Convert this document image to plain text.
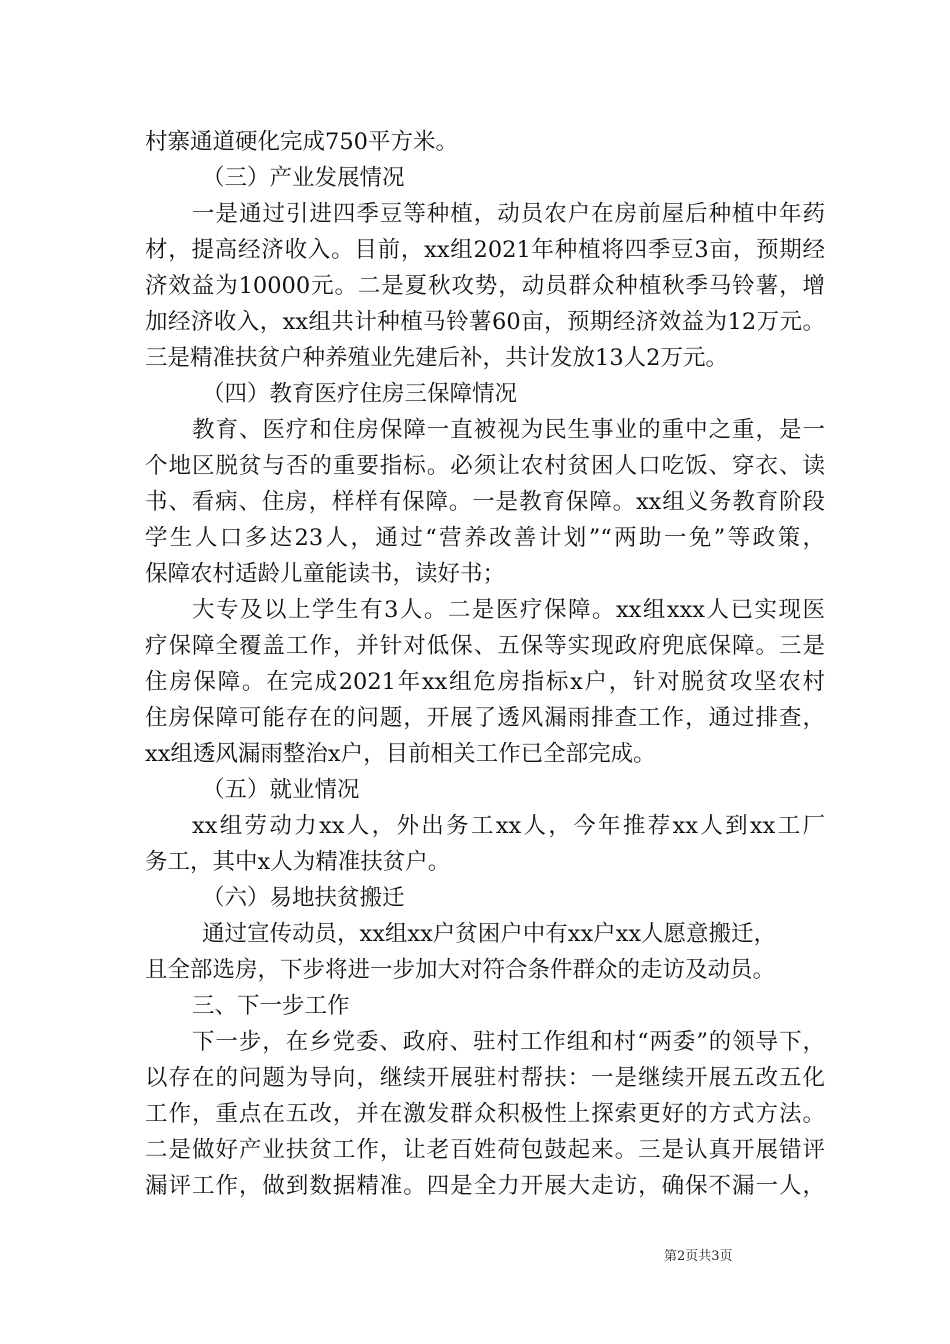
村寨通道硬化完成750平方米。

（三）产业发展情况

一是通过引进四季豆等种植，动员农户在房前屋后种植中年药

材，提高经济收入。目前，xx组2021年种植将四季豆3亩，预期经

济效益为10000元。二是夏秋攻势，动员群众种植秋季马铃薯，增

加经济收入，xx组共计种植马铃薯60亩，预期经济效益为12万元。

三是精准扶贫户种养殖业先建后补，共计发放13人2万元。

（四）教育医疗住房三保障情况

教育、医疗和住房保障一直被视为民生事业的重中之重，是一

个地区脱贫与否的重要指标。必须让农村贫困人口吃饭、穿衣、读

书、看病、住房，样样有保障。一是教育保障。xx组义务教育阶段

学生人口多达23人，通过“营养改善计划”“两助一免”等政策，

保障农村适龄儿童能读书，读好书；

大专及以上学生有3人。二是医疗保障。xx组xxx人已实现医

疗保障全覆盖工作，并针对低保、五保等实现政府兜底保障。三是

住房保障。在完成2021年xx组危房指标x户，针对脱贫攻坚农村

住房保障可能存在的问题，开展了透风漏雨排查工作，通过排查，

xx组透风漏雨整治x户，目前相关工作已全部完成。

（五）就业情况

xx组劳动力xx人，外出务工xx人，今年推荐xx人到xx工厂

务工，其中x人为精准扶贫户。

（六）易地扶贫搬迁

通过宣传动员，xx组xx户贫困户中有xx户xx人愿意搬迁，

且全部选房，下步将进一步加大对符合条件群众的走访及动员。

三、下一步工作

下一步，在乡党委、政府、驻村工作组和村“两委”的领导下，

以存在的问题为导向，继续开展驻村帮扶：一是继续开展五改五化

工作，重点在五改，并在激发群众积极性上探索更好的方式方法。

二是做好产业扶贫工作，让老百姓荷包鼓起来。三是认真开展错评

漏评工作，做到数据精准。四是全力开展大走访，确保不漏一人，

第2页共3页
